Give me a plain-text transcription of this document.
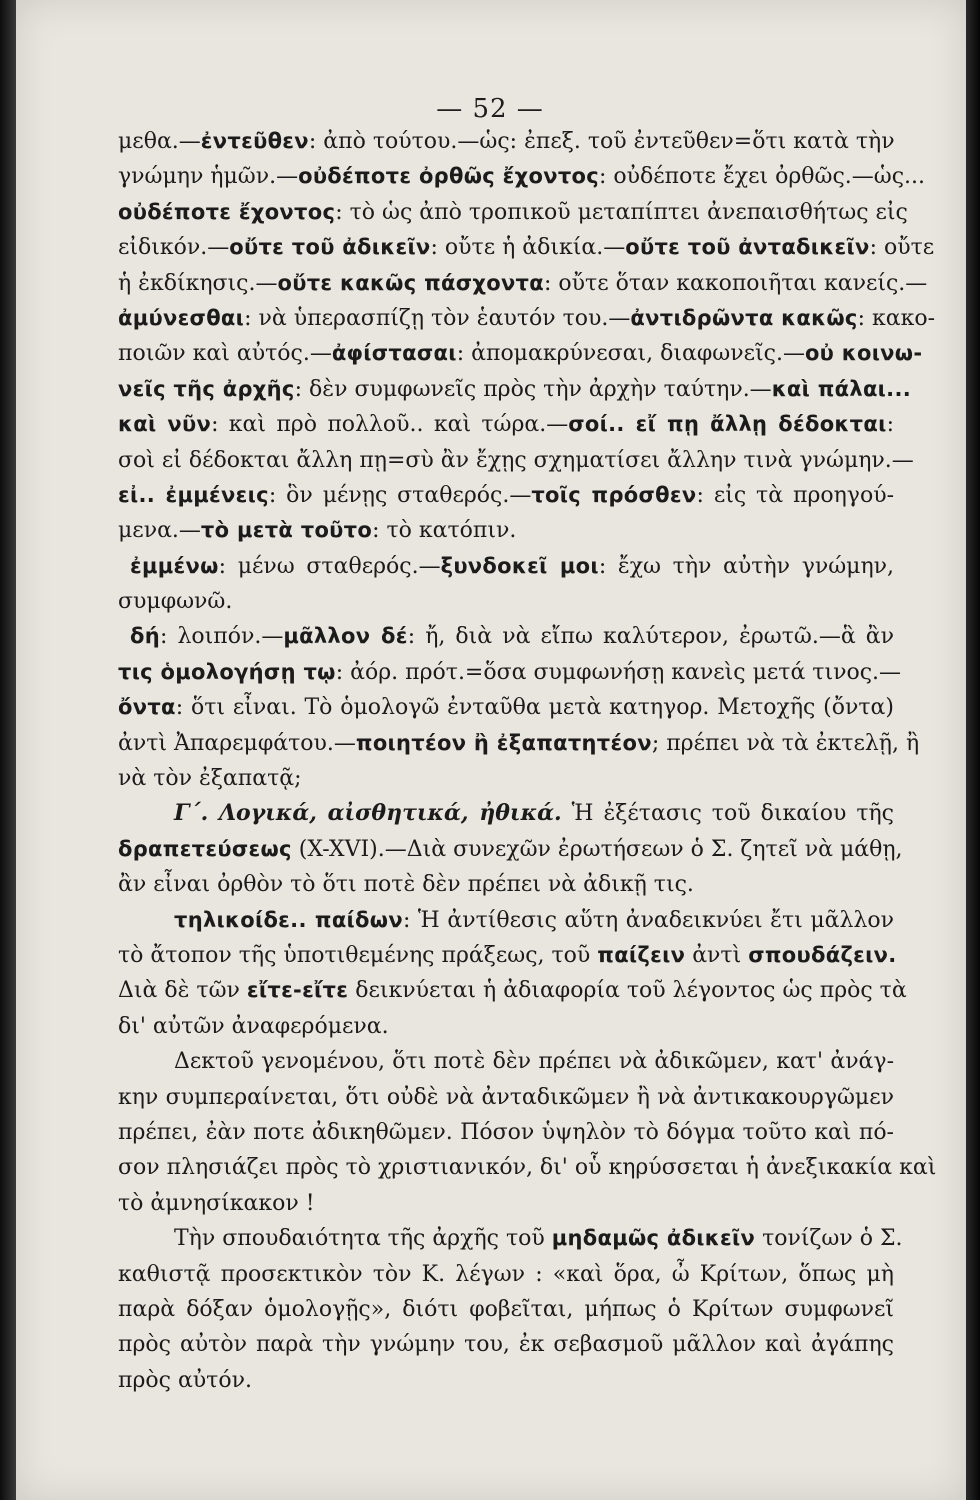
— 52 —
μεθα.—ἐντεῦθεν: ἀπὸ τούτου.—ὡς: ἐπεξ. τοῦ ἐντεῦθεν=ὅτι κατὰ τὴν
γνώμην ἡμῶν.—οὐδέποτε ὀρθῶς ἔχοντος: οὐδέποτε ἔχει ὀρθῶς.—ὡς...
οὐδέποτε ἔχοντος: τὸ ὡς ἀπὸ τροπικοῦ μεταπίπτει ἀνεπαισθήτως εἰς
εἰδικόν.—οὔτε τοῦ ἀδικεῖν: οὔτε ἡ ἀδικία.—οὔτε τοῦ ἀνταδικεῖν: οὔτε
ἡ ἐκδίκησις.—οὔτε κακῶς πάσχοντα: οὔτε ὅταν κακοποιῆται κανείς.—
ἀμύνεσθαι: νὰ ὑπερασπίζῃ τὸν ἑαυτόν του.—ἀντιδρῶντα κακῶς: κακο-
ποιῶν καὶ αὐτός.—ἀφίστασαι: ἀπομακρύνεσαι, διαφωνεῖς.—οὐ κοινω-
νεῖς τῆς ἀρχῆς: δὲν συμφωνεῖς πρὸς τὴν ἀρχὴν ταύτην.—καὶ πάλαι...
καὶ νῦν: καὶ πρὸ πολλοῦ.. καὶ τώρα.—σοί.. εἴ πῃ ἄλλῃ δέδοκται:
σοὶ εἰ δέδοκται ἄλλη πῃ=σὺ ἂν ἔχῃς σχηματίσει ἄλλην τινὰ γνώμην.—
εἰ.. ἐμμένεις: ὃν μένῃς σταθερός.—τοῖς πρόσθεν: εἰς τὰ προηγού-
μενα.—τὸ μετὰ τοῦτο: τὸ κατόπιν.
ἐμμένω: μένω σταθερός.—ξυνδοκεῖ μοι: ἔχω τὴν αὐτὴν γνώμην,
συμφωνῶ.
δή: λοιπόν.—μᾶλλον δέ: ἤ, διὰ νὰ εἴπω καλύτερον, ἐρωτῶ.—ἃ ἂν
τις ὁμολογήσῃ τῳ: ἀόρ. πρότ.=ὅσα συμφωνήσῃ κανεὶς μετά τινος.—
ὄντα: ὅτι εἶναι. Τὸ ὁμολογῶ ἐνταῦθα μετὰ κατηγορ. Μετοχῆς (ὄντα)
ἀντὶ Ἀπαρεμφάτου.—ποιητέον ἢ ἐξαπατητέον; πρέπει νὰ τὰ ἐκτελῇ, ἢ
νὰ τὸν ἐξαπατᾷ;
Γ΄. Λογικά, αἰσθητικά, ἠθικά. Ἡ ἐξέτασις τοῦ δικαίου τῆς
δραπετεύσεως (X-XVI).—Διὰ συνεχῶν ἐρωτήσεων ὁ Σ. ζητεῖ νὰ μάθῃ,
ἂν εἶναι ὀρθὸν τὸ ὅτι ποτὲ δὲν πρέπει νὰ ἀδικῇ τις.
τηλικοίδε.. παίδων: Ἡ ἀντίθεσις αὕτη ἀναδεικνύει ἔτι μᾶλλον
τὸ ἄτοπον τῆς ὑποτιθεμένης πράξεως, τοῦ παίζειν ἀντὶ σπουδάζειν.
Διὰ δὲ τῶν εἴτε-εἴτε δεικνύεται ἡ ἀδιαφορία τοῦ λέγοντος ὡς πρὸς τὰ
δι' αὐτῶν ἀναφερόμενα.
Δεκτοῦ γενομένου, ὅτι ποτὲ δὲν πρέπει νὰ ἀδικῶμεν, κατ' ἀνάγ-
κην συμπεραίνεται, ὅτι οὐδὲ νὰ ἀνταδικῶμεν ἢ νὰ ἀντικακουργῶμεν
πρέπει, ἐὰν ποτε ἀδικηθῶμεν. Πόσον ὑψηλὸν τὸ δόγμα τοῦτο καὶ πό-
σον πλησιάζει πρὸς τὸ χριστιανικόν, δι' οὗ κηρύσσεται ἡ ἀνεξικακία καὶ
τὸ ἀμνησίκακον !
Τὴν σπουδαιότητα τῆς ἀρχῆς τοῦ μηδαμῶς ἀδικεῖν τονίζων ὁ Σ.
καθιστᾷ προσεκτικὸν τὸν Κ. λέγων : «καὶ ὅρα, ὦ Κρίτων, ὅπως μὴ
παρὰ δόξαν ὁμολογῇς», διότι φοβεῖται, μήπως ὁ Κρίτων συμφωνεῖ
πρὸς αὐτὸν παρὰ τὴν γνώμην του, ἐκ σεβασμοῦ μᾶλλον καὶ ἀγάπης
πρὸς αὐτόν.
